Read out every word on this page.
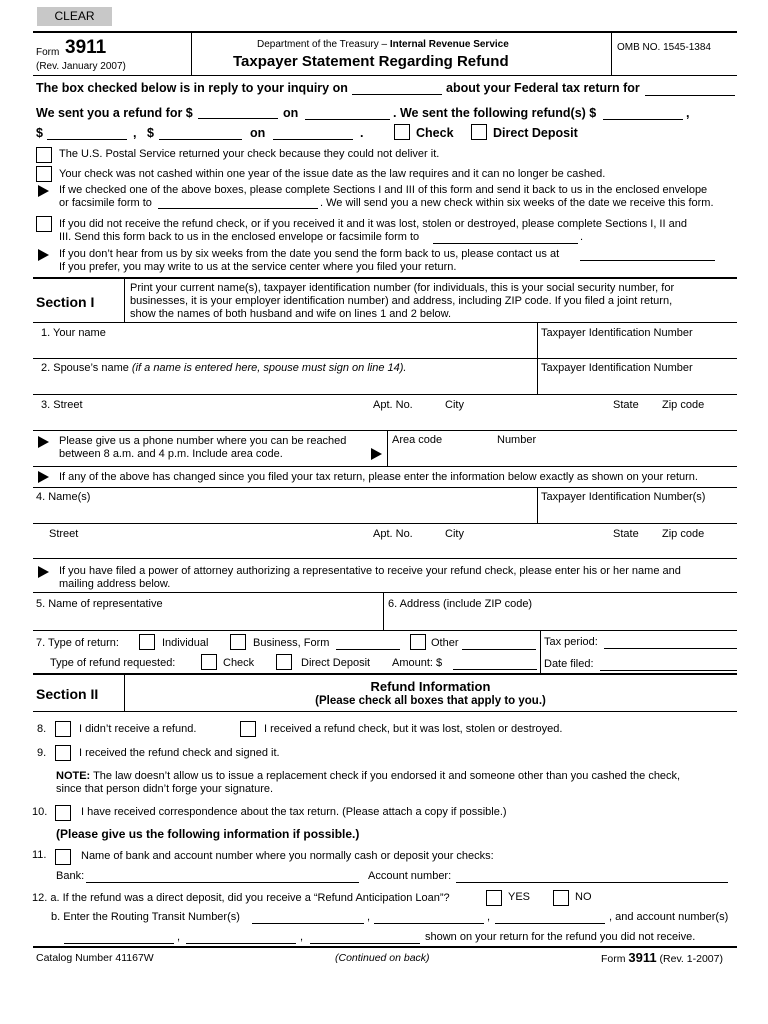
CLEAR
Form 3911
(Rev. January 2007)
Department of the Treasury – Internal Revenue Service
Taxpayer Statement Regarding Refund
OMB NO. 1545-1384
The box checked below is in reply to your inquiry on	about your Federal tax return for
We sent you a refund for $	on	. We sent the following refund(s) $	,
$	, $	on	.	Check	Direct Deposit
The U.S. Postal Service returned your check because they could not deliver it.
Your check was not cashed within one year of the issue date as the law requires and it can no longer be cashed.
If we checked one of the above boxes, please complete Sections I and III of this form and send it back to us in the enclosed envelope
or facsimile form to	. We will send you a new check within six weeks of the date we receive this form.
If you did not receive the refund check, or if you received it and it was lost, stolen or destroyed, please complete Sections I, II and
III. Send this form back to us in the enclosed envelope or facsimile form to	.
If you don’t hear from us by six weeks from the date you send the form back to us, please contact us at
If you prefer, you may write to us at the service center where you filed your return.
Section I
Print your current name(s), taxpayer identification number (for individuals, this is your social security number, for
businesses, it is your employer identification number) and address, including ZIP code. If you filed a joint return,
show the names of both husband and wife on lines 1 and 2 below.
1. Your name	Taxpayer Identification Number
2. Spouse’s name (if a name is entered here, spouse must sign on line 14).	Taxpayer Identification Number
3. Street	Apt. No.	City	State Zip code
Please give us a phone number where you can be reached
between 8 a.m. and 4 p.m. Include area code.
Area code	Number
If any of the above has changed since you filed your tax return, please enter the information below exactly as shown on your return.
4. Name(s)	Taxpayer Identification Number(s)
Street	Apt. No.	City	State Zip code
If you have filed a power of attorney authorizing a representative to receive your refund check, please enter his or her name and
mailing address below.
5. Name of representative	6. Address (include ZIP code)
7. Type of return:	Individual	Business, Form	Other	Tax period:
Type of refund requested:	Check	Direct Deposit Amount: $	Date filed:
Section II	Refund Information
(Please check all boxes that apply to you.)
8.	I didn’t receive a refund.	I received a refund check, but it was lost, stolen or destroyed.
9.	I received the refund check and signed it.
NOTE: The law doesn’t allow us to issue a replacement check if you endorsed it and someone other than you cashed the check,
since that person didn’t forge your signature.
10.	I have received correspondence about the tax return. (Please attach a copy if possible.)
(Please give us the following information if possible.)
11.	Name of bank and account number where you normally cash or deposit your checks:
Bank:	Account number:
12. a. If the refund was a direct deposit, did you receive a “Refund Anticipation Loan”?	YES	NO
b. Enter the Routing Transit Number(s)	,	,	, and account number(s)
,	,	shown on your return for the refund you did not receive.
Catalog Number 41167W	(Continued on back)	Form 3911 (Rev. 1-2007)
